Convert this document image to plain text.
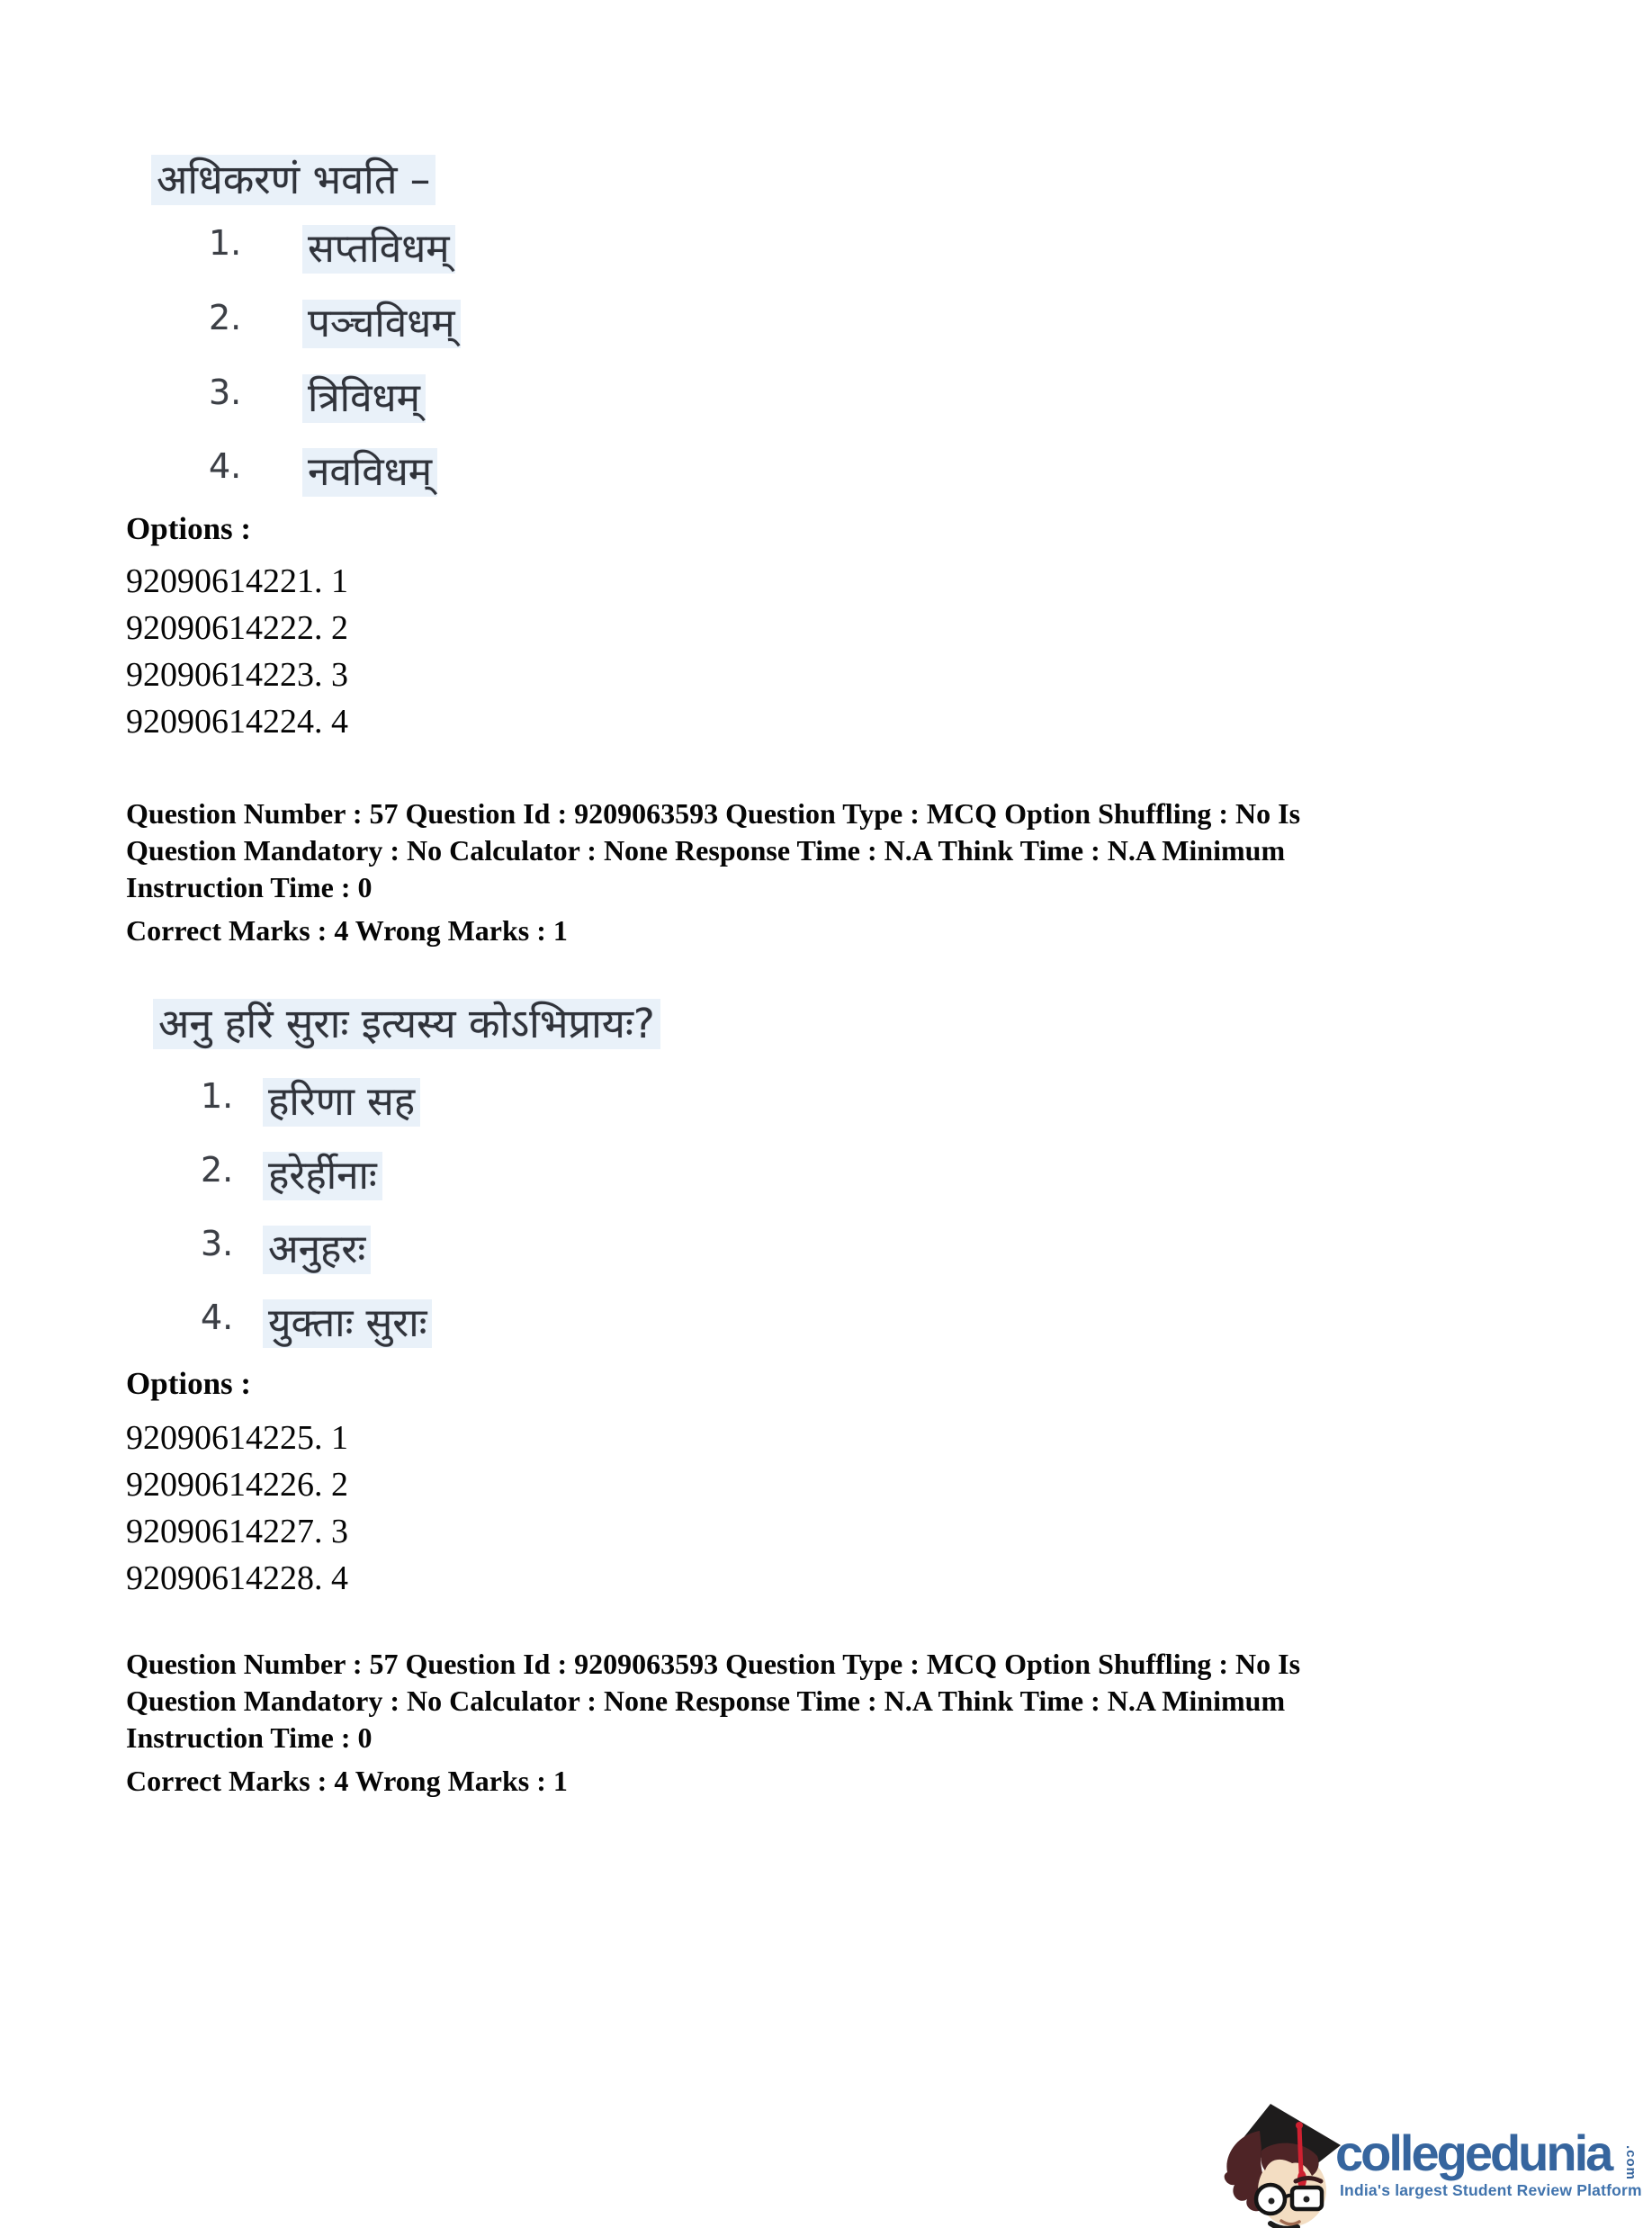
अधिकरणं भवति –
1. सप्तविधम्
2. पञ्चविधम्
3. त्रिविधम्
4. नवविधम्
Options :
92090614221. 1
92090614222. 2
92090614223. 3
92090614224. 4
Question Number : 57 Question Id : 9209063593 Question Type : MCQ Option Shuffling : No Is
Question Mandatory : No Calculator : None Response Time : N.A Think Time : N.A Minimum
Instruction Time : 0
Correct Marks : 4 Wrong Marks : 1
अनु हरिं सुराः इत्यस्य कोऽभिप्रायः?
1. हरिणा सह
2. हरेर्हीनाः
3. अनुहरः
4. युक्ताः सुराः
Options :
92090614225. 1
92090614226. 2
92090614227. 3
92090614228. 4
Question Number : 57 Question Id : 9209063593 Question Type : MCQ Option Shuffling : No Is
Question Mandatory : No Calculator : None Response Time : N.A Think Time : N.A Minimum
Instruction Time : 0
Correct Marks : 4 Wrong Marks : 1
collegedunia .com
India's largest Student Review Platform
